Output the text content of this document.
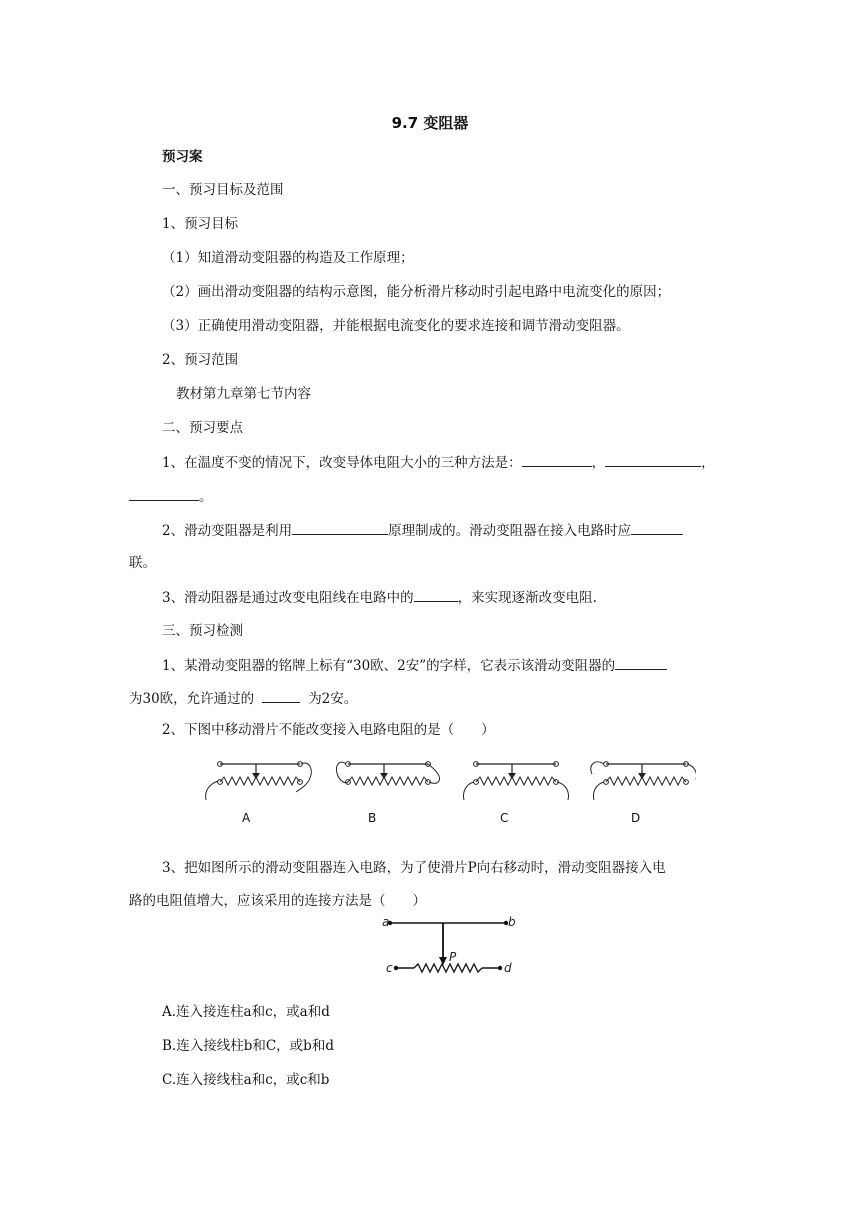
9.7 变阻器
预习案
一、预习目标及范围
1、预习目标
（1）知道滑动变阻器的构造及工作原理；
（2）画出滑动变阻器的结构示意图，能分析滑片移动时引起电路中电流变化的原因；
（3）正确使用滑动变阻器，并能根据电流变化的要求连接和调节滑动变阻器。
2、预习范围
教材第九章第七节内容
二、预习要点
1、在温度不变的情况下，改变导体电阻大小的三种方法是：	，	，
。
2、滑动变阻器是利用	原理制成的。滑动变阻器在接入电路时应
联。
3、滑动阻器是通过改变电阻线在电路中的	，来实现逐渐改变电阻.
三、预习检测
1、某滑动变阻器的铭牌上标有“30欧、2安”的字样，它表示该滑动变阻器的
为30欧，允许通过的	为2安。
2、下图中移动滑片不能改变接入电路电阻的是（　　）
A	B	C	D
3、把如图所示的滑动变阻器连入电路，为了使滑片P向右移动时，滑动变阻器接入电
路的电阻值增大，应该采用的连接方法是（　　）
a	b
c	d
P
A.连入接连柱a和c，或a和d
B.连入接线柱b和C，或b和d
C.连入接线柱a和c，或c和b
